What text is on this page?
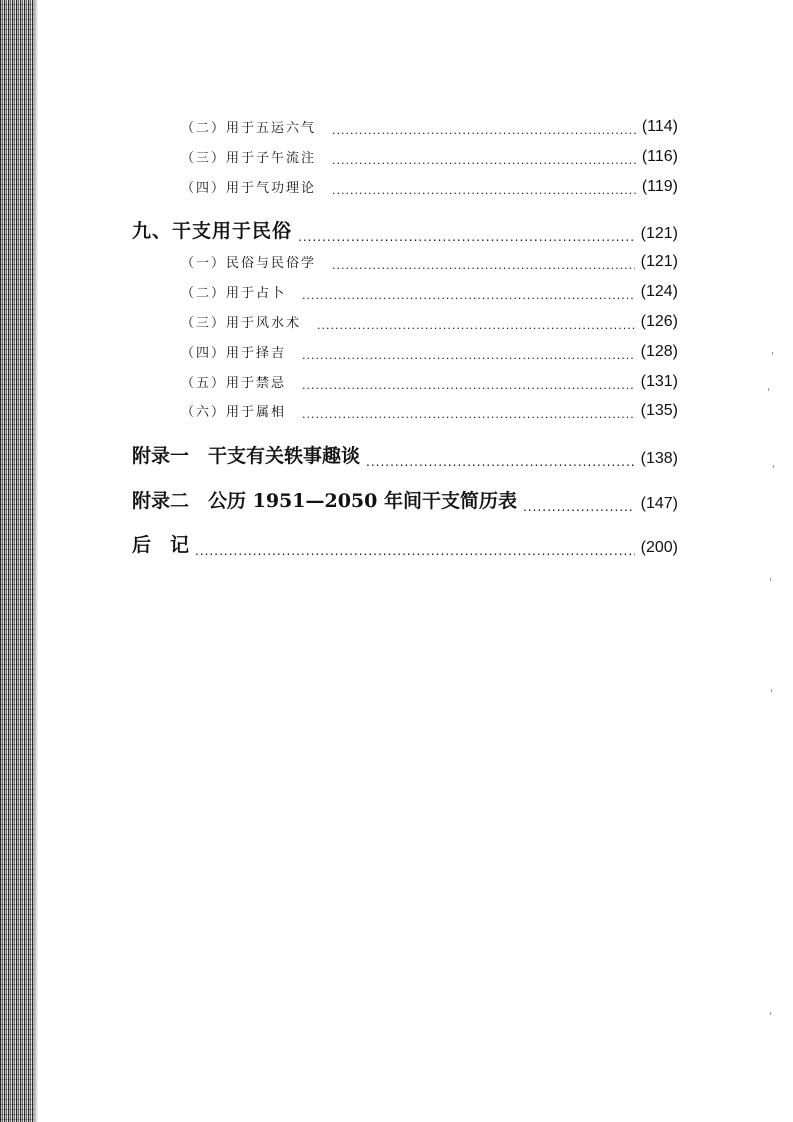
（二）用于五运六气 .....	(114)
（三）用于子午流注 .....	(116)
（四）用于气功理论 .....	(119)
九、干支用于民俗 .....	(121)
（一）民俗与民俗学 .....	(121)
（二）用于占卜 .....	(124)
（三）用于风水术 .....	(126)
（四）用于择吉 .....	(128)
（五）用于禁忌 .....	(131)
（六）用于属相 .....	(135)
附录一　干支有关轶事趣谈 .....	(138)
附录二　公历 1951—2050 年间干支简历表 .....	(147)
后　记 .....	(200)
